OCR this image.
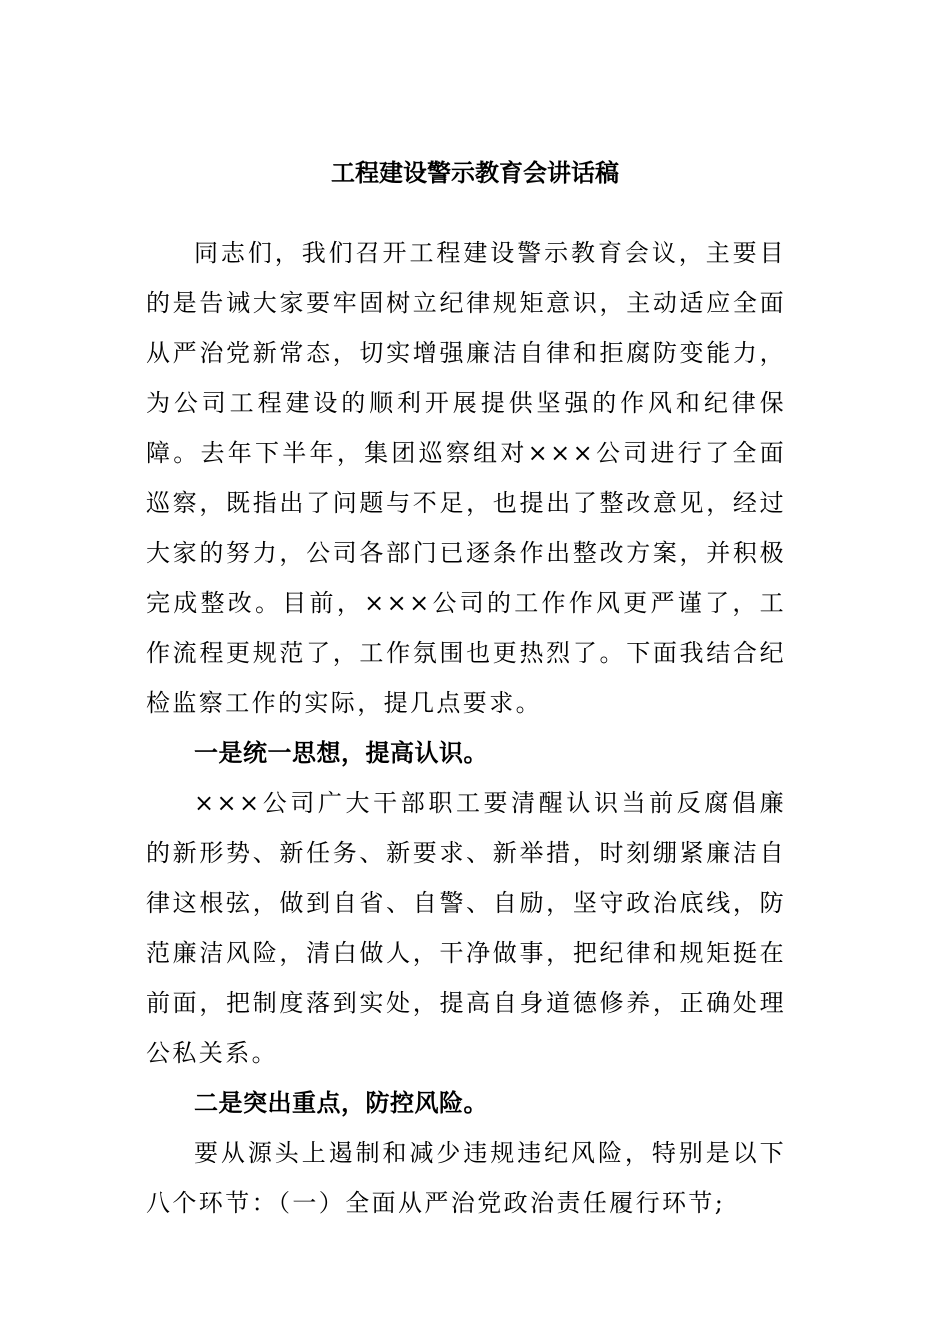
工程建设警示教育会讲话稿

同志们，我们召开工程建设警示教育会议，主要目的是告诫大家要牢固树立纪律规矩意识，主动适应全面从严治党新常态，切实增强廉洁自律和拒腐防变能力，为公司工程建设的顺利开展提供坚强的作风和纪律保障。去年下半年，集团巡察组对×××公司进行了全面巡察，既指出了问题与不足，也提出了整改意见，经过大家的努力，公司各部门已逐条作出整改方案，并积极完成整改。目前，×××公司的工作作风更严谨了，工作流程更规范了，工作氛围也更热烈了。下面我结合纪检监察工作的实际，提几点要求。

一是统一思想，提高认识。

×××公司广大干部职工要清醒认识当前反腐倡廉的新形势、新任务、新要求、新举措，时刻绷紧廉洁自律这根弦，做到自省、自警、自励，坚守政治底线，防范廉洁风险，清白做人，干净做事，把纪律和规矩挺在前面，把制度落到实处，提高自身道德修养，正确处理公私关系。

二是突出重点，防控风险。

要从源头上遏制和减少违规违纪风险，特别是以下八个环节：（一）全面从严治党政治责任履行环节;
